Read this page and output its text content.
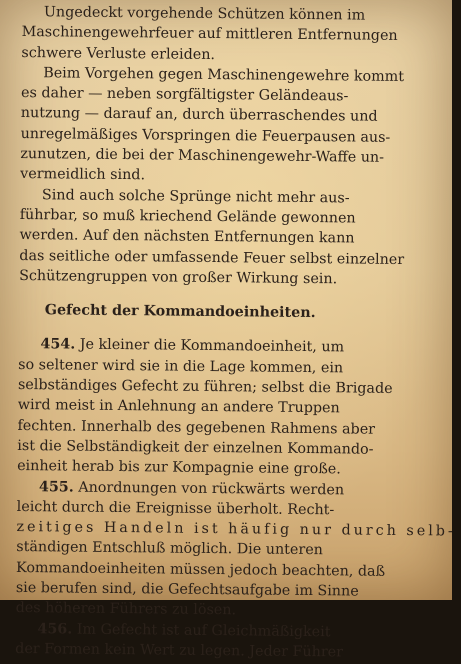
Ungedeckt vorgehende Schützen können im
Maschinengewehrfeuer auf mittleren Entfernungen
schwere Verluste erleiden.
Beim Vorgehen gegen Maschinengewehre kommt
es daher — neben sorgfältigster Geländeaus-
nutzung — darauf an, durch überraschendes und
unregelmäßiges Vorspringen die Feuerpausen aus-
zunutzen, die bei der Maschinengewehr-Waffe un-
vermeidlich sind.
Sind auch solche Sprünge nicht mehr aus-
führbar, so muß kriechend Gelände gewonnen
werden. Auf den nächsten Entfernungen kann
das seitliche oder umfassende Feuer selbst einzelner
Schützengruppen von großer Wirkung sein.
Gefecht der Kommandoeinheiten.
454. Je kleiner die Kommandoeinheit, um
so seltener wird sie in die Lage kommen, ein
selbständiges Gefecht zu führen; selbst die Brigade
wird meist in Anlehnung an andere Truppen
fechten. Innerhalb des gegebenen Rahmens aber
ist die Selbständigkeit der einzelnen Kommando-
einheit herab bis zur Kompagnie eine große.
455. Anordnungen von rückwärts werden
leicht durch die Ereignisse überholt. Recht-
zeitiges Handeln ist häufig nur durch selb-
ständigen Entschluß möglich. Die unteren
Kommandoeinheiten müssen jedoch beachten, daß
sie berufen sind, die Gefechtsaufgabe im Sinne
des höheren Führers zu lösen.
456. Im Gefecht ist auf Gleichmäßigkeit
der Formen kein Wert zu legen. Jeder Führer
